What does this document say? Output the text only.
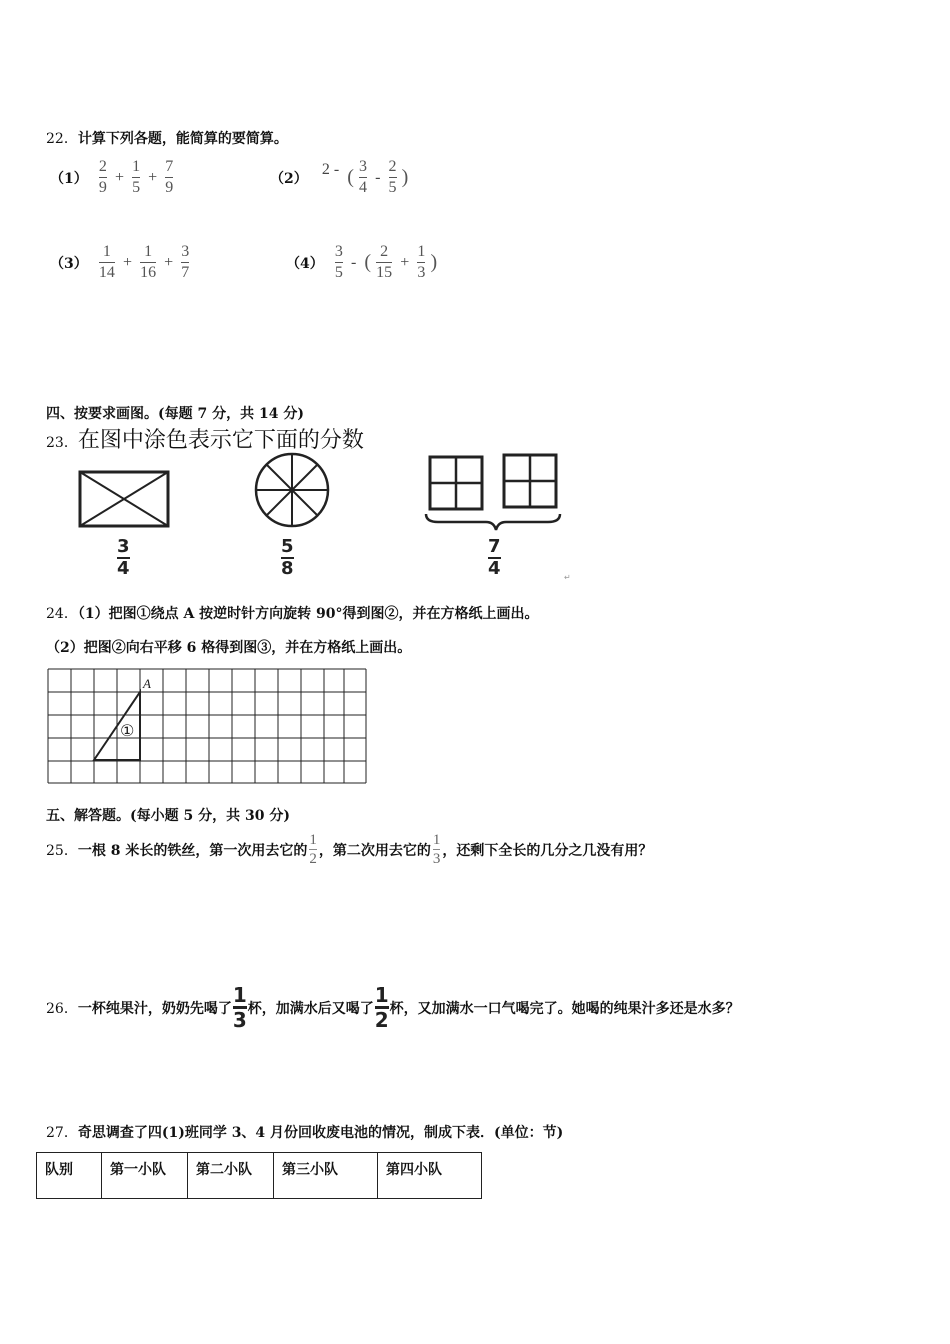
22．计算下列各题，能简算的要简算。
$(1) \frac{2}{9} + \frac{1}{5} + \frac{7}{9}$	（2） 2 - ( $\frac{3}{4} - \frac{2}{5}$ )
$(3) \frac{1}{14} + \frac{1}{16} + \frac{3}{7}$	$(4) \frac{3}{5}$ - ( $\frac{2}{15} + \frac{1}{3}$ )
四、按要求画图。(每题 7 分，共 14 分)
23．在图中涂色表示它下面的分数
↵
$\frac{3}{4}$	$\frac{5}{8}$	$\frac{7}{4}$
24．（1）把图①绕点 A 按逆时针方向旋转 90°得到图②，并在方格纸上画出。
（2）把图②向右平移 6 格得到图③，并在方格纸上画出。
A
①
五、解答题。(每小题 5 分，共 30 分)
25． 一根 8 米长的铁丝，第一次用去它的
1
2
，第二次用去它的
1
3
，还剩下全长的几分之几没有用？
26． 一杯纯果汁，奶奶先喝了
1
3 杯，加满水后又喝了
1
2 杯，又加满水一口气喝完了。她喝的纯果汁多还是水多？
27．奇思调查了四(1)班同学 3、4 月份回收废电池的情况，制成下表．(单位：节)
队别	第一小队	第二小队	第三小队	第四小队
